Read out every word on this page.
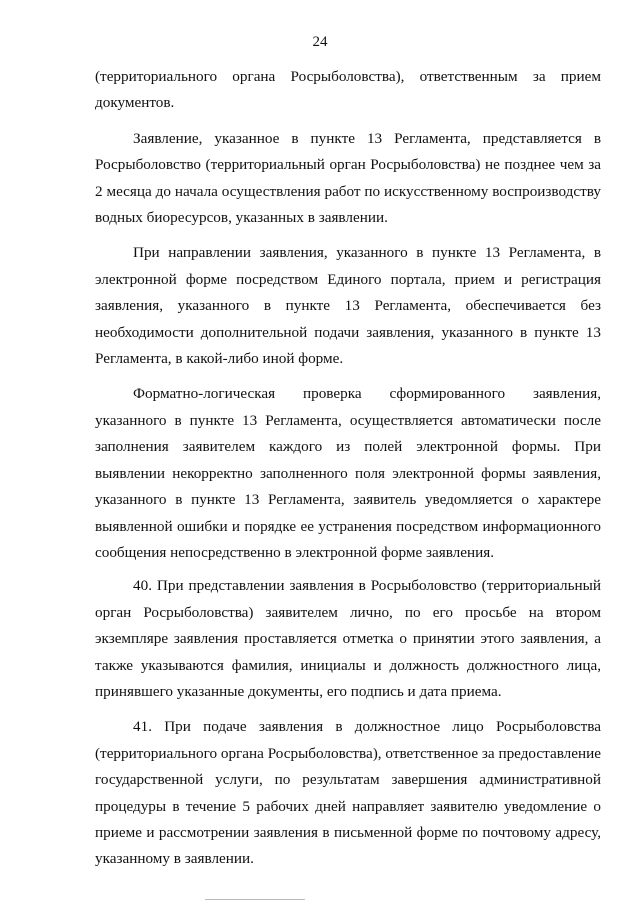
24

(территориального органа Росрыболовства), ответственным за прием документов.

Заявление, указанное в пункте 13 Регламента, представляется в Росрыболовство (территориальный орган Росрыболовства) не позднее чем за 2 месяца до начала осуществления работ по искусственному воспроизводству водных биоресурсов, указанных в заявлении.

При направлении заявления, указанного в пункте 13 Регламента, в электронной форме посредством Единого портала, прием и регистрация заявления, указанного в пункте 13 Регламента, обеспечивается без необходимости дополнительной подачи заявления, указанного в пункте 13 Регламента, в какой-либо иной форме.

Форматно-логическая проверка сформированного заявления, указанного в пункте 13 Регламента, осуществляется автоматически после заполнения заявителем каждого из полей электронной формы. При выявлении некорректно заполненного поля электронной формы заявления, указанного в пункте 13 Регламента, заявитель уведомляется о характере выявленной ошибки и порядке ее устранения посредством информационного сообщения непосредственно в электронной форме заявления.

40. При представлении заявления в Росрыболовство (территориальный орган Росрыболовства) заявителем лично, по его просьбе на втором экземпляре заявления проставляется отметка о принятии этого заявления, а также указываются фамилия, инициалы и должность должностного лица, принявшего указанные документы, его подпись и дата приема.

41. При подаче заявления в должностное лицо Росрыболовства (территориального органа Росрыболовства), ответственное за предоставление государственной услуги, по результатам завершения административной процедуры в течение 5 рабочих дней направляет заявителю уведомление о приеме и рассмотрении заявления в письменной форме по почтовому адресу, указанному в заявлении.
